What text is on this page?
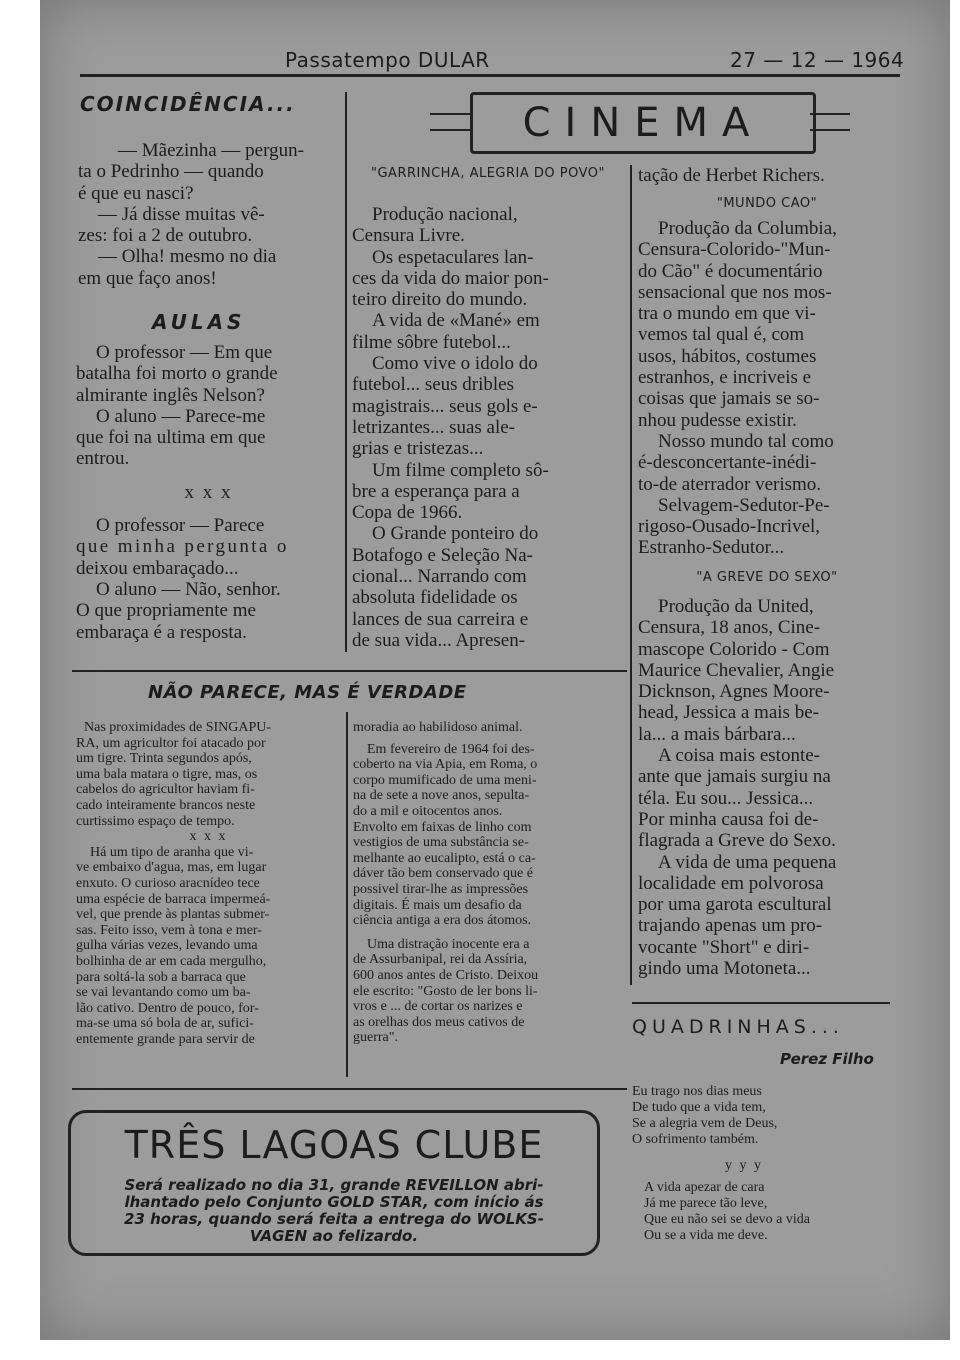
Passatempo DULAR	27 — 12 — 1964
COINCIDÊNCIA...
— Mãezinha — pergun-
ta o Pedrinho — quando
é que eu nasci?
— Já disse muitas vê-
zes: foi a 2 de outubro.
— Olha! mesmo no dia
em que faço anos!
AULAS
O professor — Em que
batalha foi morto o grande
almirante inglês Nelson?
O aluno — Parece-me
que foi na ultima em que
entrou.
x x x
O professor — Parece
que minha pergunta o
deixou embaraçado...
O aluno — Não, senhor.
O que propriamente me
embaraça é a resposta.
CINEMA
"GARRINCHA, ALEGRIA DO POVO"
Produção nacional,
Censura Livre.
Os espetaculares lan-
ces da vida do maior pon-
teiro direito do mundo.
A vida de «Mané» em
filme sôbre futebol...
Como vive o idolo do
futebol... seus dribles
magistrais... seus gols e-
letrizantes... suas ale-
grias e tristezas...
Um filme completo sô-
bre a esperança para a
Copa de 1966.
O Grande ponteiro do
Botafogo e Seleção Na-
cional... Narrando com
absoluta fidelidade os
lances de sua carreira e
de sua vida... Apresen-
tação de Herbet Richers.
"MUNDO CAO"
Produção da Columbia,
Censura-Colorido-"Mun-
do Cão" é documentário
sensacional que nos mos-
tra o mundo em que vi-
vemos tal qual é, com
usos, hábitos, costumes
estranhos, e incriveis e
coisas que jamais se so-
nhou pudesse existir.
Nosso mundo tal como
é-desconcertante-inédi-
to-de aterrador verismo.
Selvagem-Sedutor-Pe-
rigoso-Ousado-Incrivel,
Estranho-Sedutor...
"A GREVE DO SEXO"
Produção da United,
Censura, 18 anos, Cine-
mascope Colorido - Com
Maurice Chevalier, Angie
Dicknson, Agnes Moore-
head, Jessica a mais be-
la... a mais bárbara...
A coisa mais estonte-
ante que jamais surgiu na
téla. Eu sou... Jessica...
Por minha causa foi de-
flagrada a Greve do Sexo.
A vida de uma pequena
localidade em polvorosa
por uma garota escultural
trajando apenas um pro-
vocante "Short" e diri-
gindo uma Motoneta...
NÃO PARECE, MAS É VERDADE
Nas proximidades de SINGAPU-
RA, um agricultor foi atacado por
um tigre. Trinta segundos após,
uma bala matara o tigre, mas, os
cabelos do agricultor haviam fi-
cado inteiramente brancos neste
curtissimo espaço de tempo.
x x x
Há um tipo de aranha que vi-
ve embaixo d'agua, mas, em lugar
enxuto. O curioso aracnídeo tece
uma espécie de barraca impermeá-
vel, que prende às plantas submer-
sas. Feito isso, vem à tona e mer-
gulha várias vezes, levando uma
bolhinha de ar em cada mergulho,
para soltá-la sob a barraca que
se vai levantando como um ba-
lão cativo. Dentro de pouco, for-
ma-se uma só bola de ar, sufici-
entemente grande para servir de
moradia ao habilidoso animal.
Em fevereiro de 1964 foi des-
coberto na via Apia, em Roma, o
corpo mumificado de uma meni-
na de sete a nove anos, sepulta-
do a mil e oitocentos anos.
Envolto em faixas de linho com
vestigios de uma substância se-
melhante ao eucalipto, está o ca-
dáver tão bem conservado que é
possivel tirar-lhe as impressões
digitais. É mais um desafio da
ciência antiga a era dos átomos.
Uma distração inocente era a
de Assurbanipal, rei da Assíria,
600 anos antes de Cristo. Deixou
ele escrito: "Gosto de ler bons li-
vros e ... de cortar os narizes e
as orelhas dos meus cativos de
guerra".
TRÊS LAGOAS CLUBE
Será realizado no dia 31, grande REVEILLON abri-
lhantado pelo Conjunto GOLD STAR, com início ás
23 horas, quando será feita a entrega do WOLKS-
VAGEN ao felizardo.
QUADRINHAS...
Perez Filho
Eu trago nos dias meus
De tudo que a vida tem,
Se a alegria vem de Deus,
O sofrimento também.
y y y
A vida apezar de cara
Já me parece tão leve,
Que eu não sei se devo a vida
Ou se a vida me deve.
